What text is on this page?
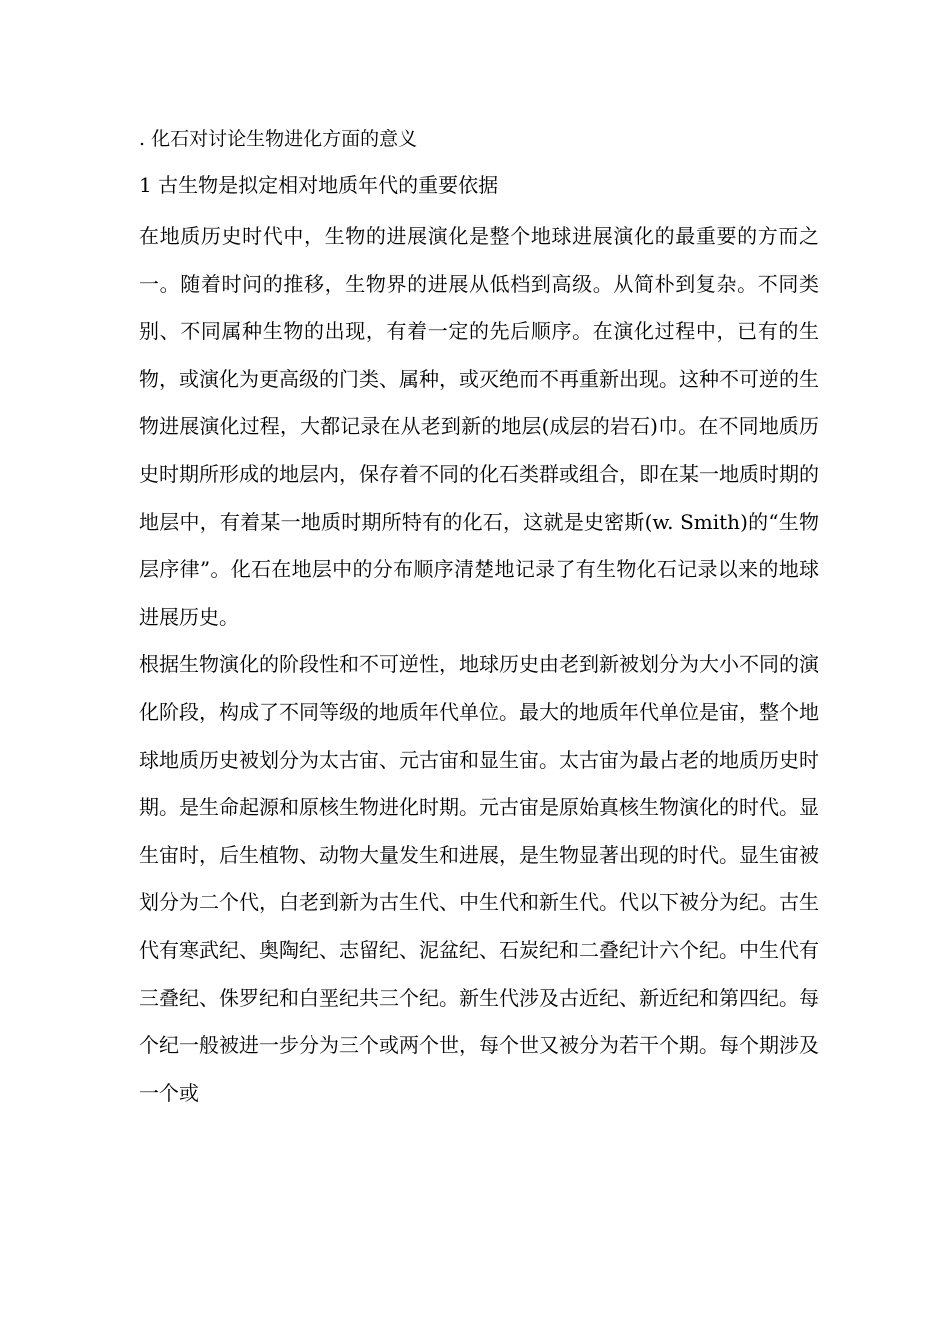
. 化石对讨论生物进化方面的意义
1 古生物是拟定相对地质年代的重要依据

在地质历史时代中，生物的进展演化是整个地球进展演化的最重要的方而之一。随着时问的推移，生物界的进展从低档到高级。从简朴到复杂。不同类别、不同属种生物的出现，有着一定的先后顺序。在演化过程中，已有的生物，或演化为更高级的门类、属种，或灭绝而不再重新出现。这种不可逆的生物进展演化过程，大都记录在从老到新的地层(成层的岩石)巾。在不同地质历史时期所形成的地层内，保存着不同的化石类群或组合，即在某一地质时期的地层中，有着某一地质时期所特有的化石，这就是史密斯(w. Smith)的“生物层序律”。化石在地层中的分布顺序清楚地记录了有生物化石记录以来的地球进展历史。

根据生物演化的阶段性和不可逆性，地球历史由老到新被划分为大小不同的演化阶段，构成了不同等级的地质年代单位。最大的地质年代单位是宙，整个地球地质历史被划分为太古宙、元古宙和显生宙。太古宙为最占老的地质历史时期。是生命起源和原核生物进化时期。元古宙是原始真核生物演化的时代。显生宙时，后生植物、动物大量发生和进展，是生物显著出现的时代。显生宙被划分为二个代，白老到新为古生代、中生代和新生代。代以下被分为纪。古生代有寒武纪、奥陶纪、志留纪、泥盆纪、石炭纪和二叠纪计六个纪。中生代有三叠纪、侏罗纪和白垩纪共三个纪。新生代涉及古近纪、新近纪和第四纪。每个纪一般被进一步分为三个或两个世，每个世又被分为若干个期。每个期涉及一个或
